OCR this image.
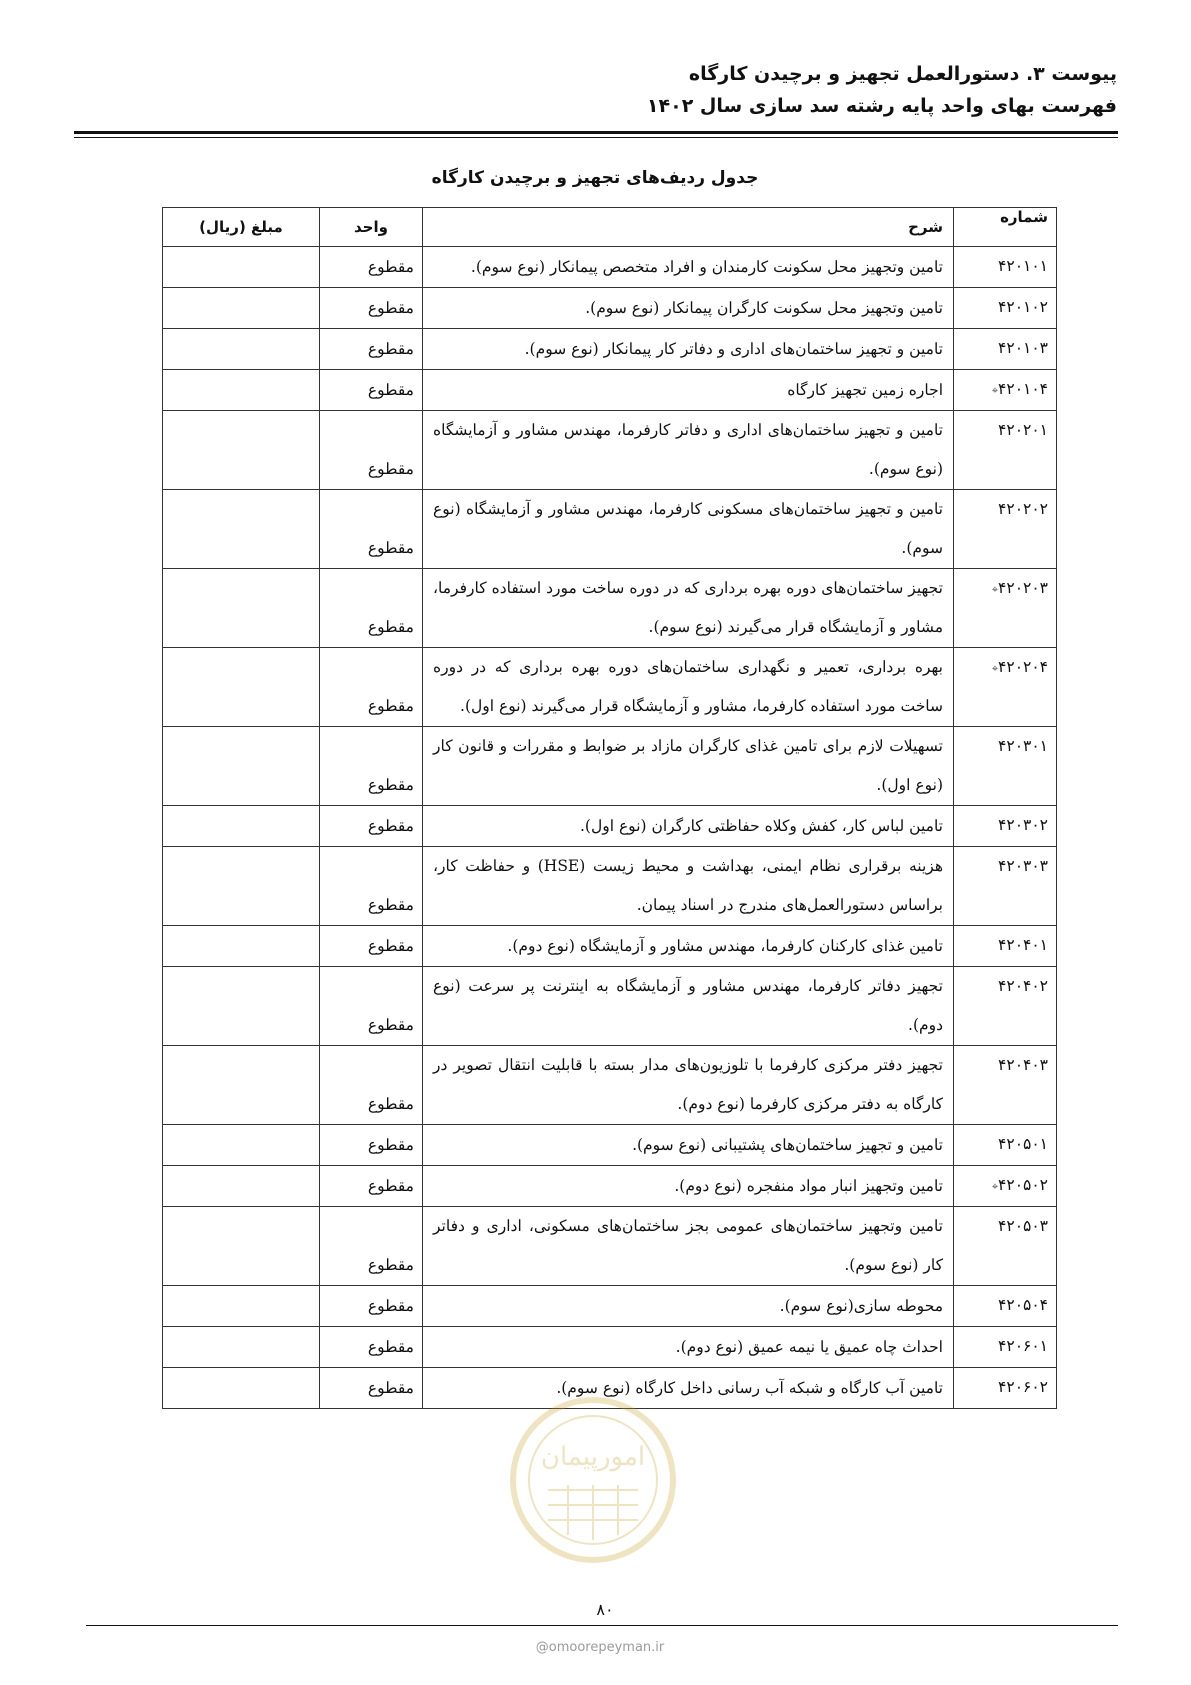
پیوست ۳. دستورالعمل تجهیز و برچیدن کارگاه
فهرست بهای واحد پایه رشته سد سازی سال ۱۴۰۲
جدول ردیف‌های تجهیز و برچیدن کارگاه
شماره	شرح	واحد	مبلغ (ریال)
۴۲۰۱۰۱	تامین وتجهیز محل سکونت کارمندان و افراد متخصص پیمانکار (نوع سوم).	مقطوع	
۴۲۰۱۰۲	تامین وتجهیز محل سکونت کارگران پیمانکار (نوع سوم).	مقطوع	
۴۲۰۱۰۳	تامین و تجهیز ساختمان‌های اداری و دفاتر کار پیمانکار (نوع سوم).	مقطوع	
۴۲۰۱۰۴⌖	اجاره زمین تجهیز کارگاه	مقطوع	
۴۲۰۲۰۱	تامین و تجهیز ساختمان‌های اداری و دفاتر کارفرما، مهندس مشاور و آزمایشگاه (نوع سوم).	مقطوع	
۴۲۰۲۰۲	تامین و تجهیز ساختمان‌های مسکونی کارفرما، مهندس مشاور و آزمایشگاه (نوع سوم).	مقطوع	
۴۲۰۲۰۳⌖	تجهیز ساختمان‌های دوره بهره برداری که در دوره ساخت مورد استفاده کارفرما، مشاور و آزمایشگاه قرار می‌گیرند (نوع سوم).	مقطوع	
۴۲۰۲۰۴⌖	بهره برداری، تعمیر و نگهداری ساختمان‌های دوره بهره برداری که در دوره ساخت مورد استفاده کارفرما، مشاور و آزمایشگاه قرار می‌گیرند (نوع اول).	مقطوع	
۴۲۰۳۰۱	تسهیلات لازم برای تامین غذای کارگران مازاد بر ضوابط و مقررات و قانون کار (نوع اول).	مقطوع	
۴۲۰۳۰۲	تامین لباس کار، کفش وکلاه حفاظتی کارگران (نوع اول).	مقطوع	
۴۲۰۳۰۳	هزینه برقراری نظام ایمنی، بهداشت و محیط زیست (HSE) و حفاظت کار، براساس دستورالعمل‌های مندرج در اسناد پیمان.	مقطوع	
۴۲۰۴۰۱	تامین غذای کارکنان کارفرما، مهندس مشاور و آزمایشگاه (نوع دوم).	مقطوع	
۴۲۰۴۰۲	تجهیز دفاتر کارفرما، مهندس مشاور و آزمایشگاه به اینترنت پر سرعت (نوع دوم).	مقطوع	
۴۲۰۴۰۳	تجهیز دفتر مرکزی کارفرما با تلوزیون‌های مدار بسته با قابلیت انتقال تصویر در کارگاه به دفتر مرکزی کارفرما (نوع دوم).	مقطوع	
۴۲۰۵۰۱	تامین و تجهیز ساختمان‌های پشتیبانی (نوع سوم).	مقطوع	
۴۲۰۵۰۲⌖	تامین وتجهیز انبار مواد منفجره (نوع دوم).	مقطوع	
۴۲۰۵۰۳	تامین وتجهیز ساختمان‌های عمومی بجز ساختمان‌های مسکونی، اداری و دفاتر کار (نوع سوم).	مقطوع	
۴۲۰۵۰۴	محوطه سازی(نوع سوم).	مقطوع	
۴۲۰۶۰۱	احداث چاه عمیق یا نیمه عمیق (نوع دوم).	مقطوع	
۴۲۰۶۰۲	تامین آب کارگاه و شبکه آب رسانی داخل کارگاه (نوع سوم).	مقطوع	
امورپیمان
۸۰
@omoorepeyman.ir
